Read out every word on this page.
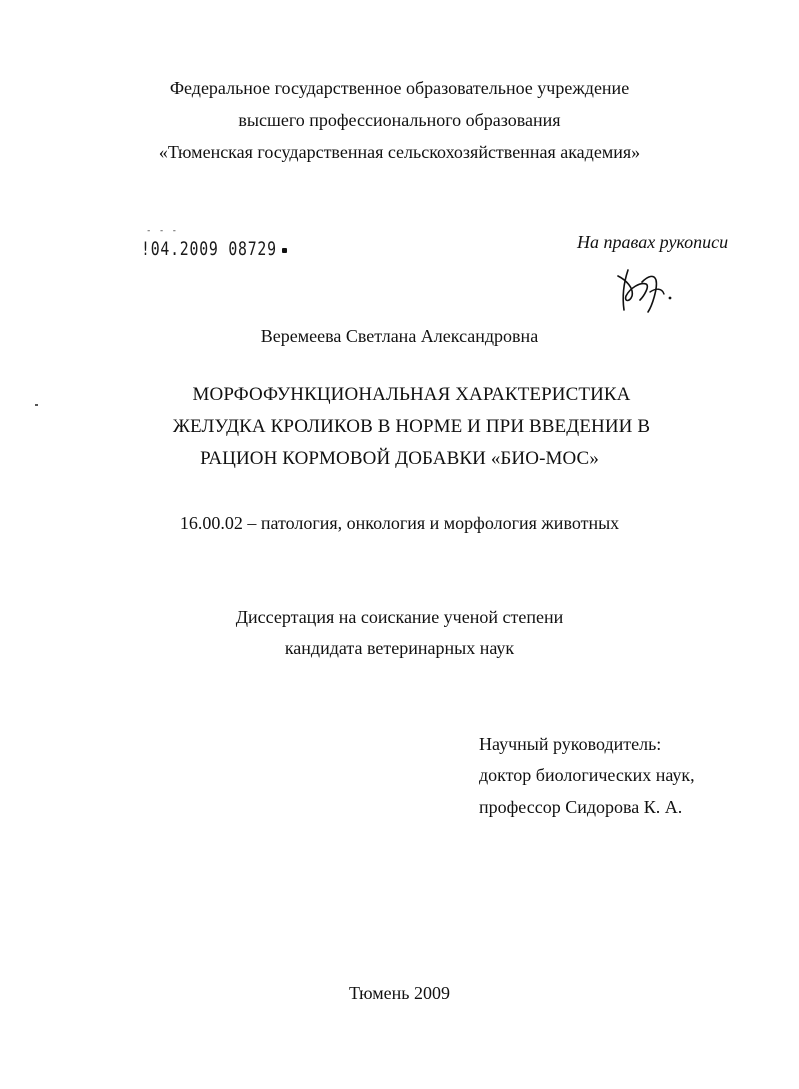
Федеральное государственное образовательное учреждение
высшего профессионального образования
«Тюменская государственная сельскохозяйственная академия»
- - -
!04.2009 08729	На правах рукописи
Веремеева Светлана Александровна
МОРФОФУНКЦИОНАЛЬНАЯ ХАРАКТЕРИСТИКА
ЖЕЛУДКА КРОЛИКОВ В НОРМЕ И ПРИ ВВЕДЕНИИ В
РАЦИОН КОРМОВОЙ ДОБАВКИ «БИО-МОС»
16.00.02 – патология, онкология и морфология животных
Диссертация на соискание ученой степени
кандидата ветеринарных наук
Научный руководитель:
доктор биологических наук,
профессор Сидорова К. А.
Тюмень 2009
